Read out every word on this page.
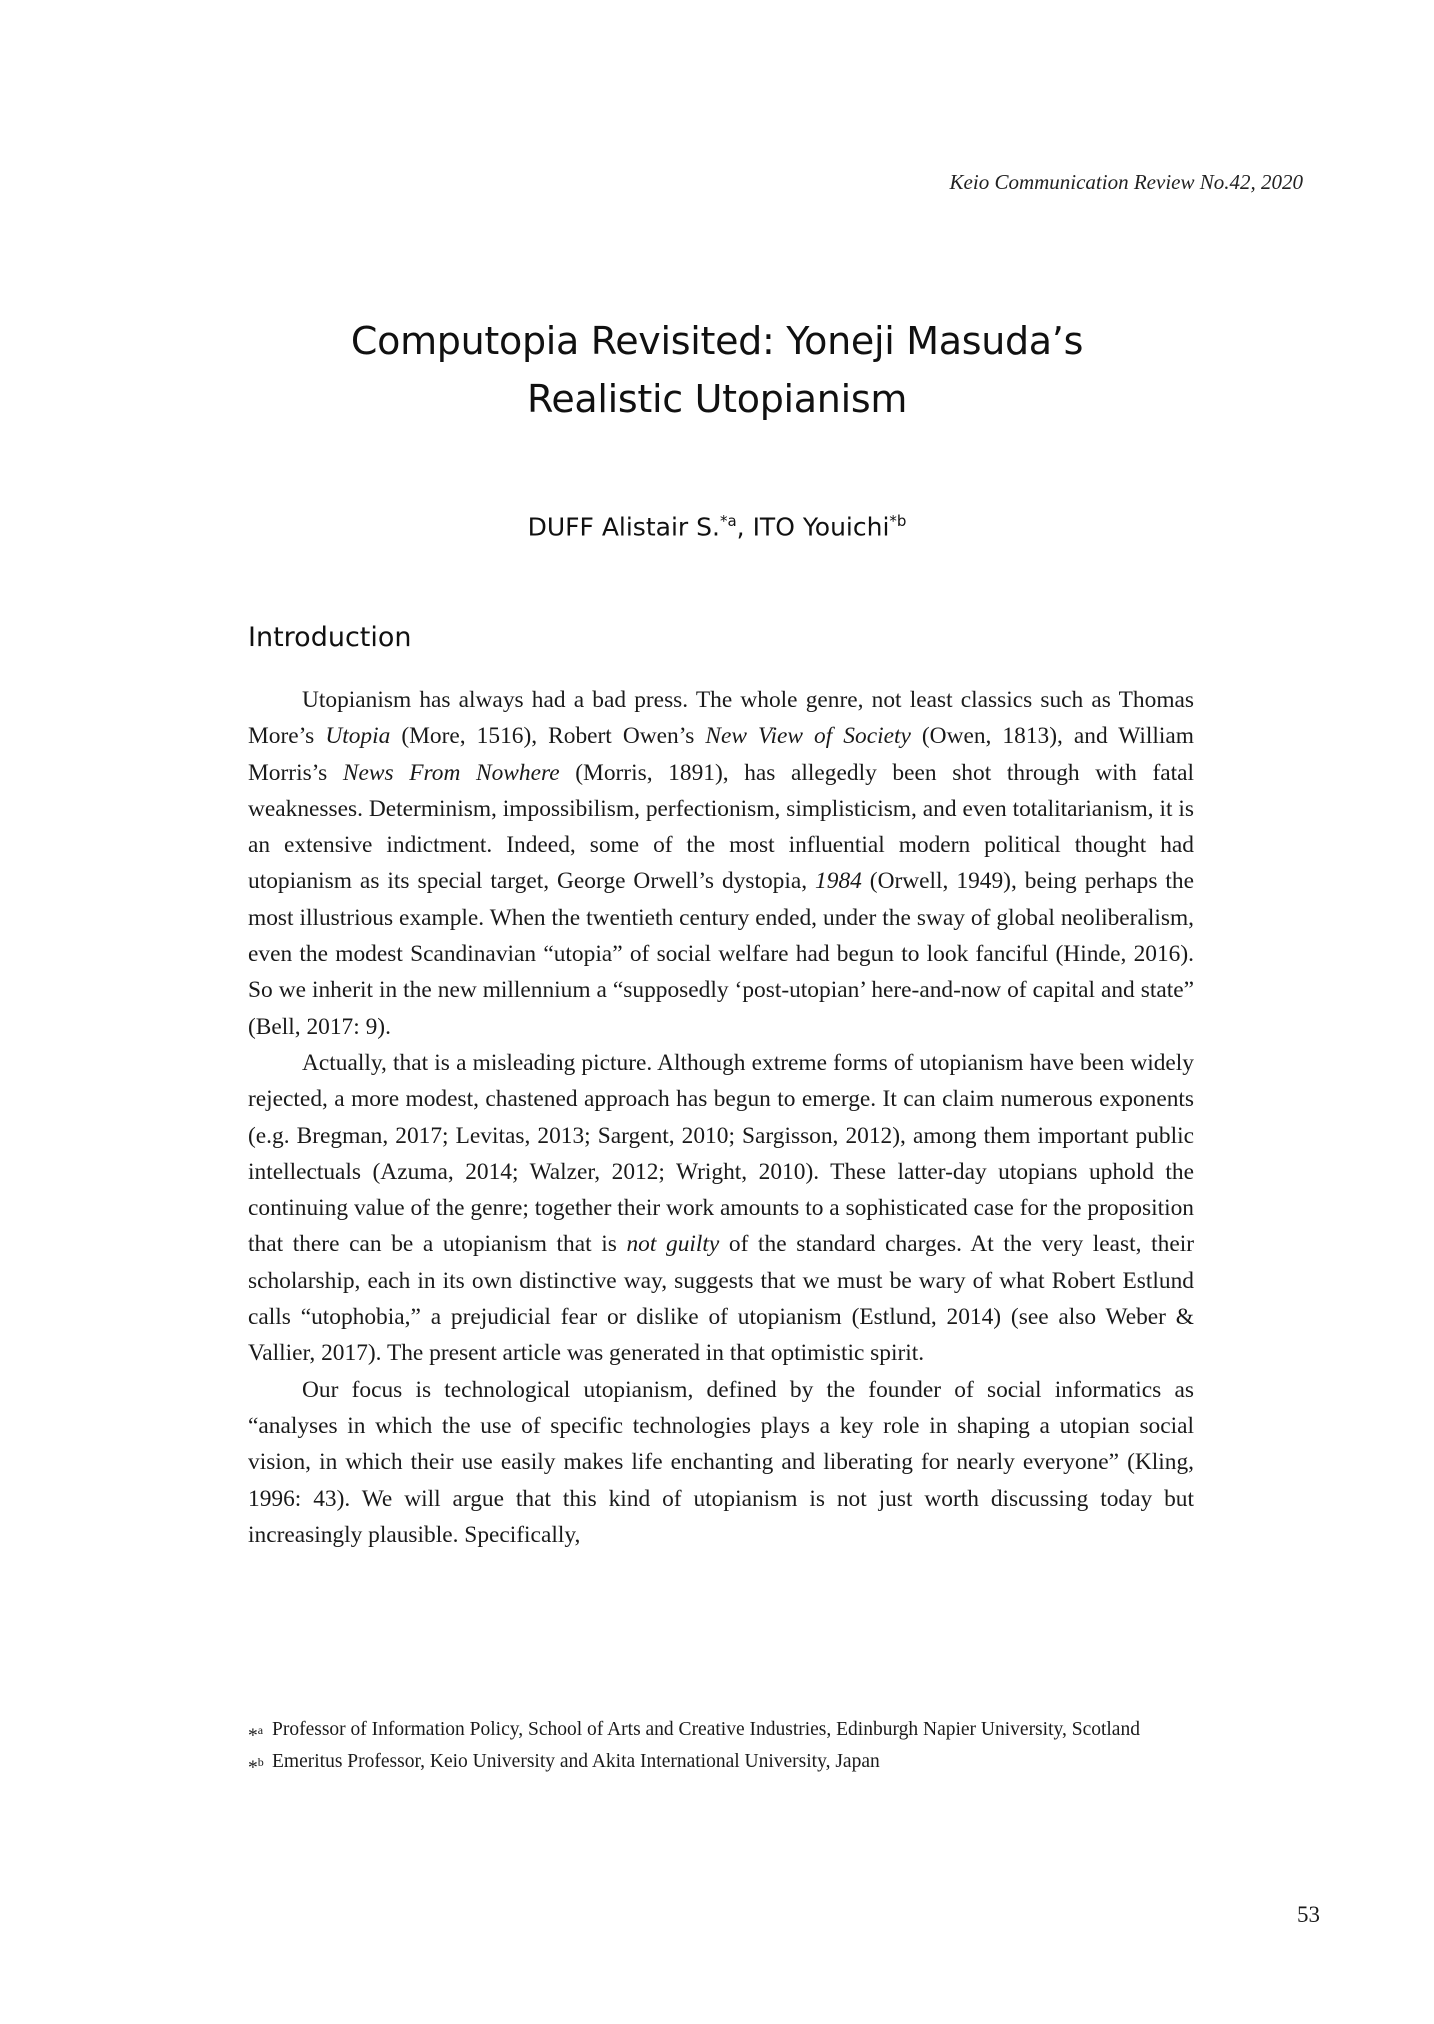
Keio Communication Review No.42, 2020
Computopia Revisited: Yoneji Masuda’s
Realistic Utopianism
DUFF Alistair S.$^{*a}$, ITO Youichi$^{*b}$
Introduction

Utopianism has always had a bad press. The whole genre, not least classics such as Thomas More’s Utopia (More, 1516), Robert Owen’s New View of Society (Owen, 1813), and William Morris’s News From Nowhere (Morris, 1891), has allegedly been shot through with fatal weaknesses. Determinism, impossibilism, perfectionism, simplisticism, and even totalitarianism, it is an extensive indictment. Indeed, some of the most influential modern political thought had utopianism as its special target, George Orwell’s dystopia, 1984 (Orwell, 1949), being perhaps the most illustrious example. When the twentieth century ended, under the sway of global neoliberalism, even the modest Scandinavian “utopia” of social welfare had begun to look fanciful (Hinde, 2016). So we inherit in the new millennium a “supposedly ‘post-utopian’ here-and-now of capital and state” (Bell, 2017: 9).

Actually, that is a misleading picture. Although extreme forms of utopianism have been widely rejected, a more modest, chastened approach has begun to emerge. It can claim numerous exponents (e.g. Bregman, 2017; Levitas, 2013; Sargent, 2010; Sargisson, 2012), among them important public intellectuals (Azuma, 2014; Walzer, 2012; Wright, 2010). These latter-day utopians uphold the continuing value of the genre; together their work amounts to a sophisticated case for the proposition that there can be a utopianism that is not guilty of the standard charges. At the very least, their scholarship, each in its own distinctive way, suggests that we must be wary of what Robert Estlund calls “utophobia,” a prejudicial fear or dislike of utopianism (Estlund, 2014) (see also Weber & Vallier, 2017). The present article was generated in that optimistic spirit.

Our focus is technological utopianism, defined by the founder of social informatics as “analyses in which the use of specific technologies plays a key role in shaping a utopian social vision, in which their use easily makes life enchanting and liberating for nearly everyone” (Kling, 1996: 43). We will argue that this kind of utopianism is not just worth discussing today but increasingly plausible. Specifically,

*$^a$ Professor of Information Policy, School of Arts and Creative Industries, Edinburgh Napier University, Scotland
*$^b$ Emeritus Professor, Keio University and Akita International University, Japan
53
